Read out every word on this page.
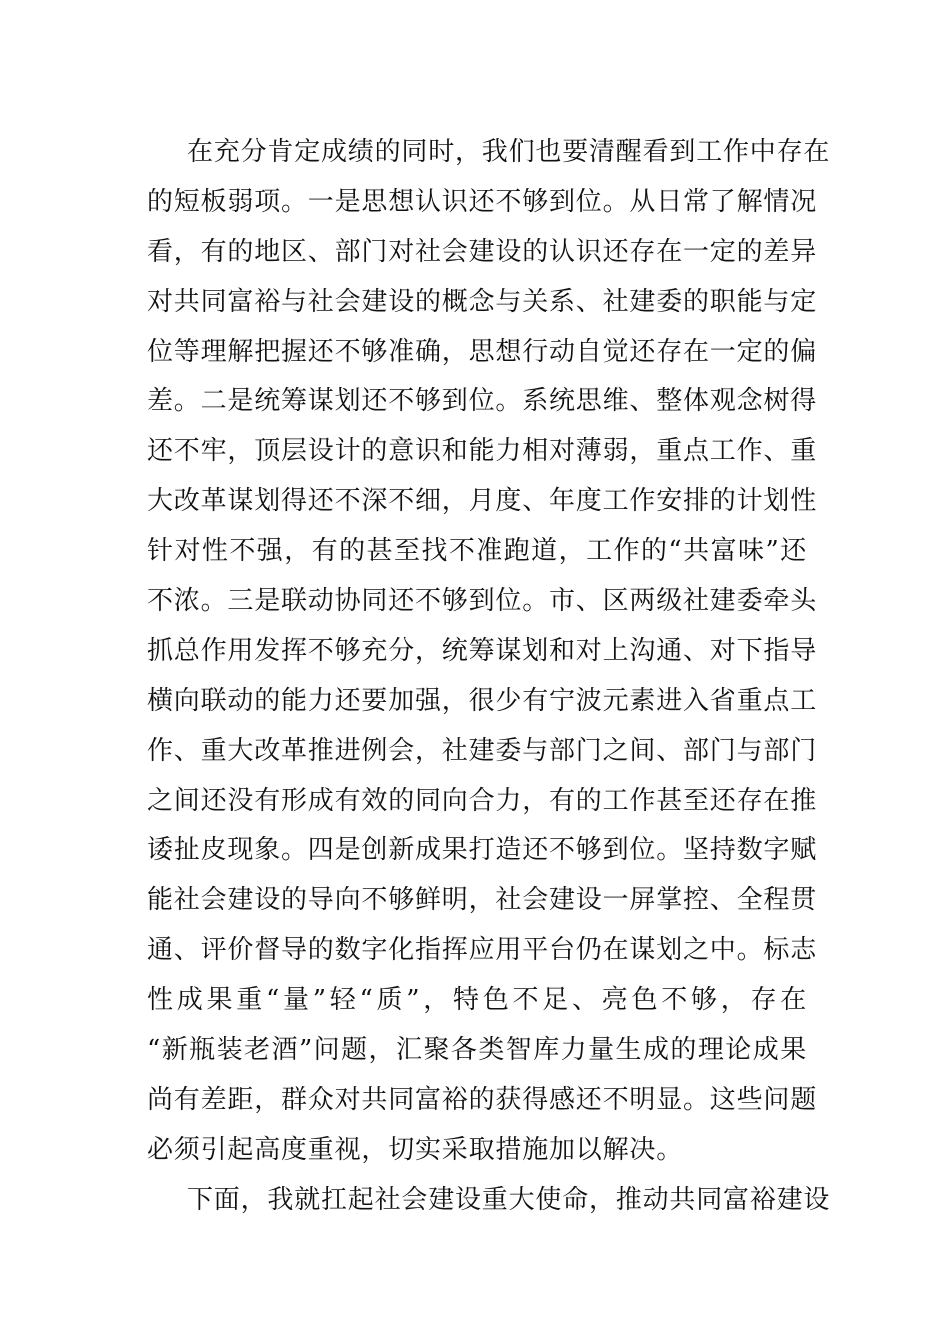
在充分肯定成绩的同时，我们也要清醒看到工作中存在
的短板弱项。一是思想认识还不够到位。从日常了解情况
看，有的地区、部门对社会建设的认识还存在一定的差异
对共同富裕与社会建设的概念与关系、社建委的职能与定
位等理解把握还不够准确，思想行动自觉还存在一定的偏
差。二是统筹谋划还不够到位。系统思维、整体观念树得
还不牢，顶层设计的意识和能力相对薄弱，重点工作、重
大改革谋划得还不深不细，月度、年度工作安排的计划性
针对性不强，有的甚至找不准跑道，工作的“共富味”还
不浓。三是联动协同还不够到位。市、区两级社建委牵头
抓总作用发挥不够充分，统筹谋划和对上沟通、对下指导
横向联动的能力还要加强，很少有宁波元素进入省重点工
作、重大改革推进例会，社建委与部门之间、部门与部门
之间还没有形成有效的同向合力，有的工作甚至还存在推
诿扯皮现象。四是创新成果打造还不够到位。坚持数字赋
能社会建设的导向不够鲜明，社会建设一屏掌控、全程贯
通、评价督导的数字化指挥应用平台仍在谋划之中。标志
性成果重“量”轻“质”，特色不足、亮色不够，存在
“新瓶装老酒”问题，汇聚各类智库力量生成的理论成果
尚有差距，群众对共同富裕的获得感还不明显。这些问题
必须引起高度重视，切实采取措施加以解决。
下面，我就扛起社会建设重大使命，推动共同富裕建设
